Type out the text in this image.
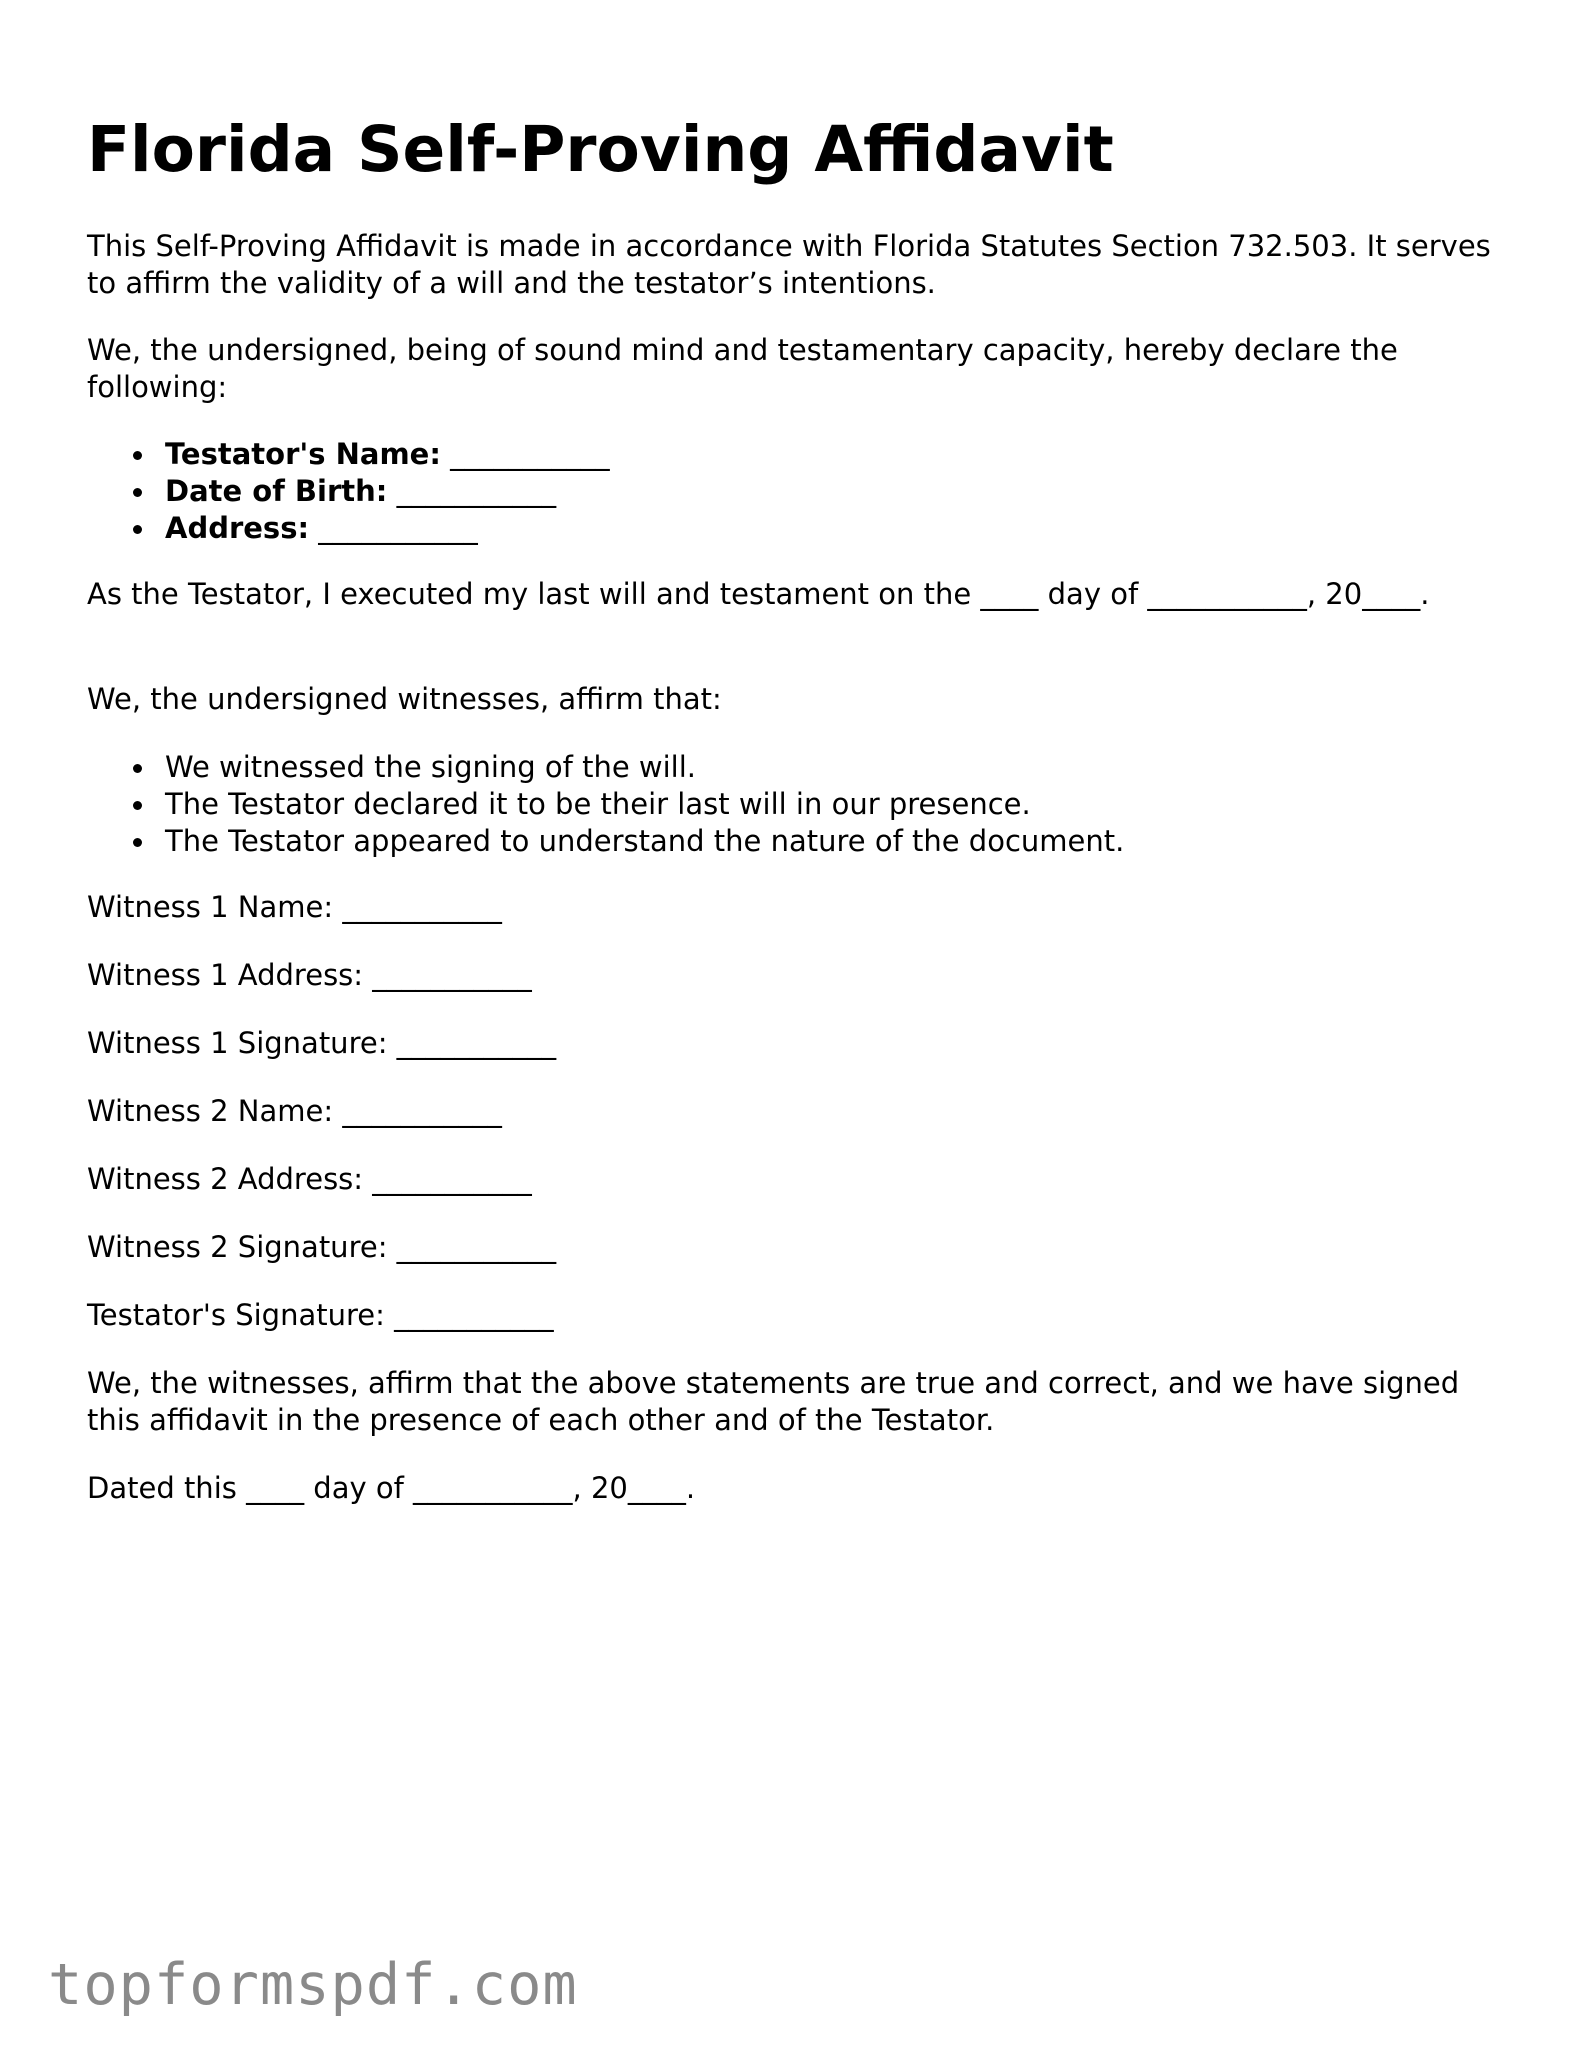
Florida Self-Proving Affidavit

This Self-Proving Affidavit is made in accordance with Florida Statutes Section 732.503. It serves to affirm the validity of a will and the testator’s intentions.

We, the undersigned, being of sound mind and testamentary capacity, hereby declare the following:

Testator's Name: ___________
Date of Birth: ___________
Address: ___________

As the Testator, I executed my last will and testament on the ____ day of ___________, 20____.

We, the undersigned witnesses, affirm that:

We witnessed the signing of the will.
The Testator declared it to be their last will in our presence.
The Testator appeared to understand the nature of the document.

Witness 1 Name: ___________

Witness 1 Address: ___________

Witness 1 Signature: ___________

Witness 2 Name: ___________

Witness 2 Address: ___________

Witness 2 Signature: ___________

Testator's Signature: ___________

We, the witnesses, affirm that the above statements are true and correct, and we have signed this affidavit in the presence of each other and of the Testator.

Dated this ____ day of ___________, 20____.

topformspdf.com
